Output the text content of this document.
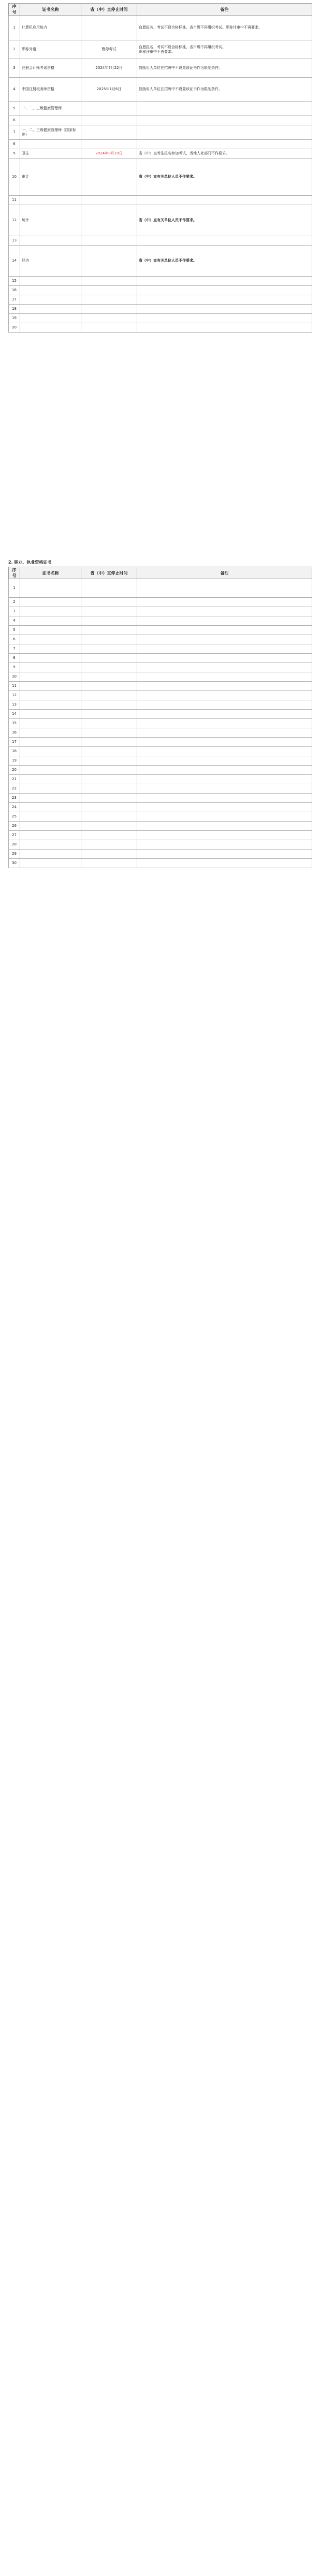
序号	证书名称	省（中）直停止时间	备注
1	计算机应用能力		自愿报名，考试不设合格标准，省市级不再组织考试。职称评审中不再要求。

2	职称外语	暂停考试	自愿报名，考试不设合格标准，省市级不再组织考试。
职称评审中不再要求。

3	注册会计师考试资格	2024年7月22日	鼓励用人单位在招聘中不设置该证书作为限制条件。

4	中国注册税务师资格	2025年1月6日	鼓励用人单位在招聘中不设置该证书作为限制条件。

5	一、二、三级健康管理师		
6			
7	一、二、三级健康管理师（国家标准）		
8			
9	卫生	2024年8月19日	省（中）直考生报名参加考试，当地人社部门不作要求。

10	审计		省（中）直有关单位人员不作要求。

11			
12	统计		省（中）直有关单位人员不作要求。

13			
14	经济		省（中）直有关单位人员不作要求。

15			
16			
17			
18			
19			
20			
2. 职业、执业资格证书
序号	证书名称	省（中）直停止时间	备注
1			
2			
3			
4			
5			
6			
7			
8			
9			
10			
11			
12			
13			
14			
15			
16			
17			
18			
19			
20			
21			
22			
23			
24			
25			
26			
27			
28			
29			
30			
